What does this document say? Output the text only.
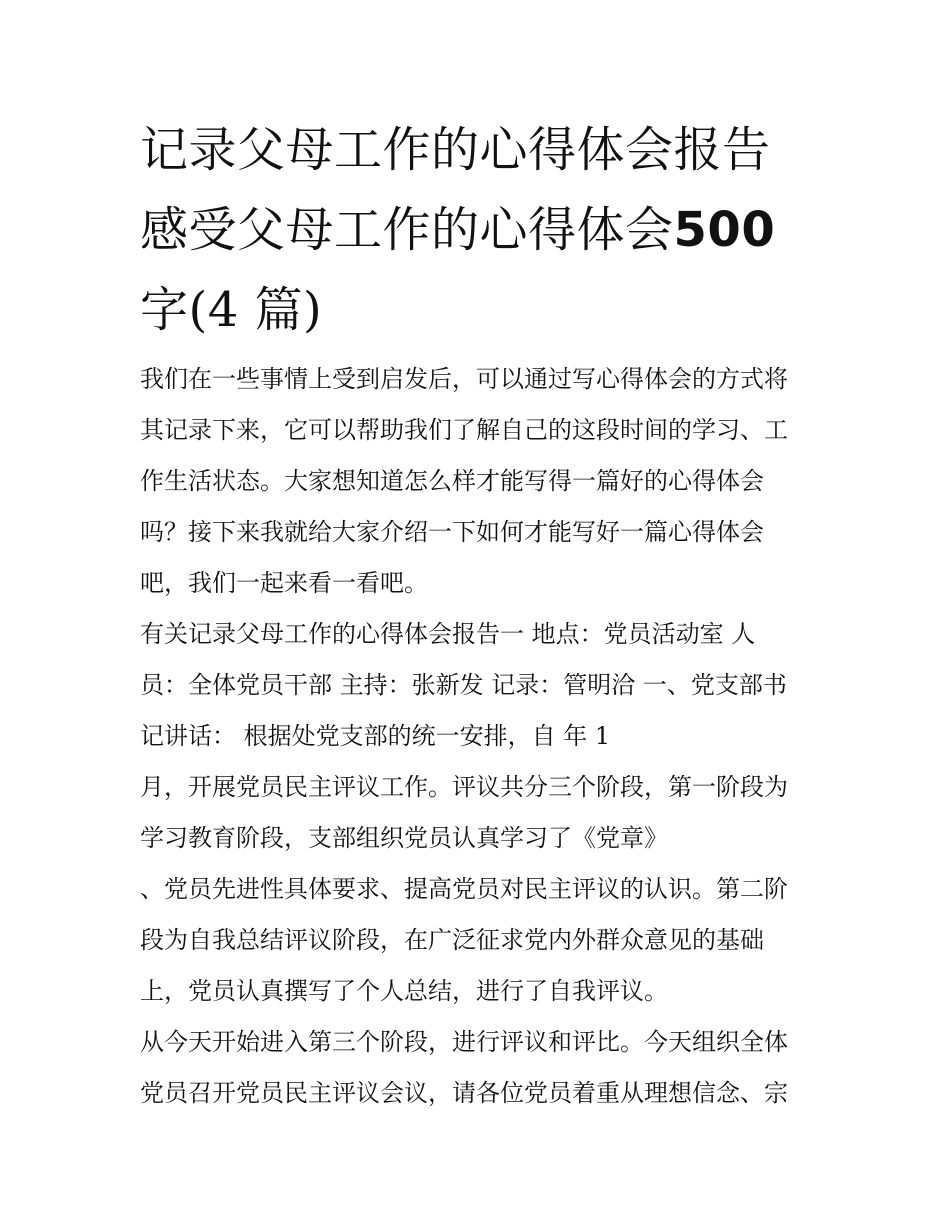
记录父母工作的心得体会报告
感受父母工作的心得体会500
字(4 篇)
我们在一些事情上受到启发后，可以通过写心得体会的方式将
其记录下来，它可以帮助我们了解自己的这段时间的学习、工
作生活状态。大家想知道怎么样才能写得一篇好的心得体会
吗？接下来我就给大家介绍一下如何才能写好一篇心得体会
吧，我们一起来看一看吧。
有关记录父母工作的心得体会报告一 地点：党员活动室 人
员：全体党员干部 主持：张新发 记录：管明洽 一、党支部书
记讲话： 根据处党支部的统一安排，自 年 1
月，开展党员民主评议工作。评议共分三个阶段，第一阶段为
学习教育阶段，支部组织党员认真学习了《党章》
、党员先进性具体要求、提高党员对民主评议的认识。第二阶
段为自我总结评议阶段，在广泛征求党内外群众意见的基础
上，党员认真撰写了个人总结，进行了自我评议。
从今天开始进入第三个阶段，进行评议和评比。今天组织全体
党员召开党员民主评议会议，请各位党员着重从理想信念、宗
